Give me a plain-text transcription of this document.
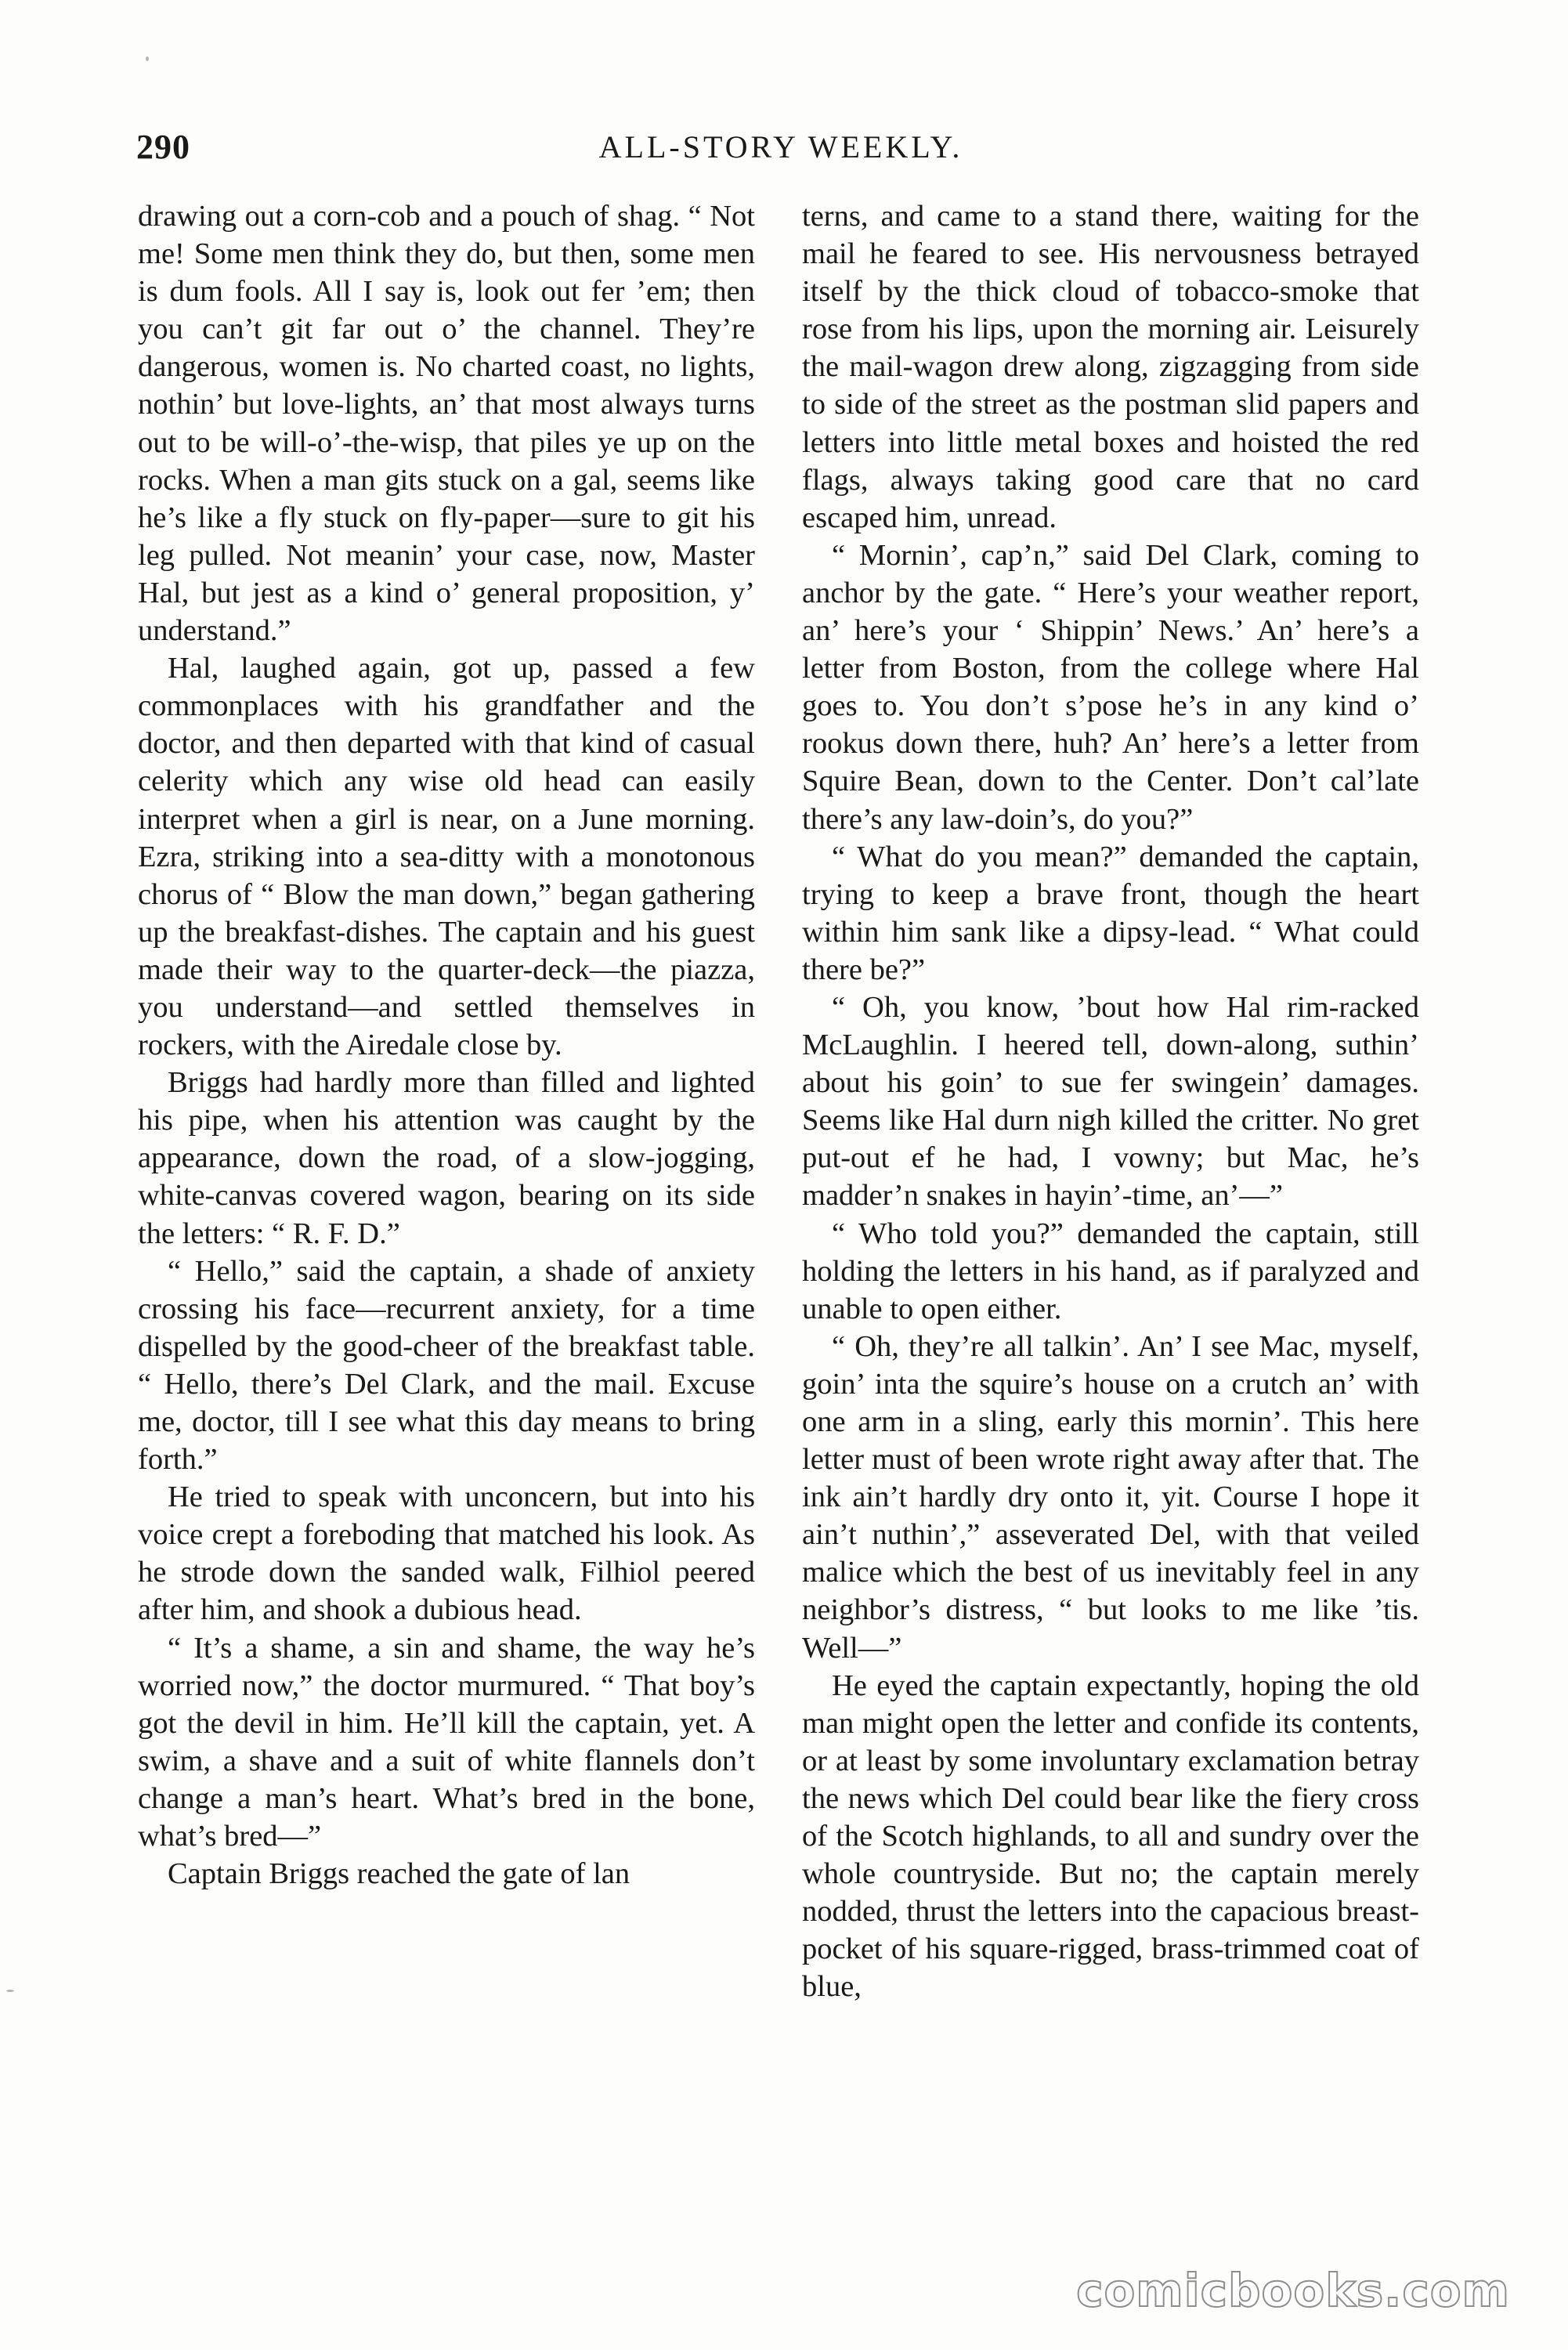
290	ALL-STORY WEEKLY.

drawing out a corn-cob and a pouch of shag. “ Not me! Some men think they do, but then, some men is dum fools. All I say is, look out fer ’em; then you can’t git far out o’ the channel. They’re dangerous, women is. No charted coast, no lights, nothin’ but love-lights, an’ that most always turns out to be will-o’-the-wisp, that piles ye up on the rocks. When a man gits stuck on a gal, seems like he’s like a fly stuck on fly-paper—sure to git his leg pulled. Not meanin’ your case, now, Master Hal, but jest as a kind o’ general proposition, y’ understand.”

Hal, laughed again, got up, passed a few commonplaces with his grandfather and the doctor, and then departed with that kind of casual celerity which any wise old head can easily interpret when a girl is near, on a June morning. Ezra, striking into a sea-ditty with a monotonous chorus of “ Blow the man down,” began gathering up the breakfast-dishes. The captain and his guest made their way to the quarter-deck—the piazza, you understand—and settled themselves in rockers, with the Airedale close by.

Briggs had hardly more than filled and lighted his pipe, when his attention was caught by the appearance, down the road, of a slow-jogging, white-canvas covered wagon, bearing on its side the letters: “ R. F. D.”

“ Hello,” said the captain, a shade of anxiety crossing his face—recurrent anxiety, for a time dispelled by the good-cheer of the breakfast table. “ Hello, there’s Del Clark, and the mail. Excuse me, doctor, till I see what this day means to bring forth.”

He tried to speak with unconcern, but into his voice crept a foreboding that matched his look. As he strode down the sanded walk, Filhiol peered after him, and shook a dubious head.

“ It’s a shame, a sin and shame, the way he’s worried now,” the doctor murmured. “ That boy’s got the devil in him. He’ll kill the captain, yet. A swim, a shave and a suit of white flannels don’t change a man’s heart. What’s bred in the bone, what’s bred—”

Captain Briggs reached the gate of lan

terns, and came to a stand there, waiting for the mail he feared to see. His nervousness betrayed itself by the thick cloud of tobacco-smoke that rose from his lips, upon the morning air. Leisurely the mail-wagon drew along, zigzagging from side to side of the street as the postman slid papers and letters into little metal boxes and hoisted the red flags, always taking good care that no card escaped him, unread.

“ Mornin’, cap’n,” said Del Clark, coming to anchor by the gate. “ Here’s your weather report, an’ here’s your ‘ Shippin’ News.’ An’ here’s a letter from Boston, from the college where Hal goes to. You don’t s’pose he’s in any kind o’ rookus down there, huh? An’ here’s a letter from Squire Bean, down to the Center. Don’t cal’late there’s any law-doin’s, do you?”

“ What do you mean?” demanded the captain, trying to keep a brave front, though the heart within him sank like a dipsy-lead. “ What could there be?”

“ Oh, you know, ’bout how Hal rim-racked McLaughlin. I heered tell, down-along, suthin’ about his goin’ to sue fer swingein’ damages. Seems like Hal durn nigh killed the critter. No gret put-out ef he had, I vowny; but Mac, he’s madder’n snakes in hayin’-time, an’—”

“ Who told you?” demanded the captain, still holding the letters in his hand, as if paralyzed and unable to open either.

“ Oh, they’re all talkin’. An’ I see Mac, myself, goin’ inta the squire’s house on a crutch an’ with one arm in a sling, early this mornin’. This here letter must of been wrote right away after that. The ink ain’t hardly dry onto it, yit. Course I hope it ain’t nuthin’,” asseverated Del, with that veiled malice which the best of us inevitably feel in any neighbor’s distress, “ but looks to me like ’tis. Well—”

He eyed the captain expectantly, hoping the old man might open the letter and confide its contents, or at least by some involuntary exclamation betray the news which Del could bear like the fiery cross of the Scotch highlands, to all and sundry over the whole countryside. But no; the captain merely nodded, thrust the letters into the capacious breast-pocket of his square-rigged, brass-trimmed coat of blue,

comicbooks.com
